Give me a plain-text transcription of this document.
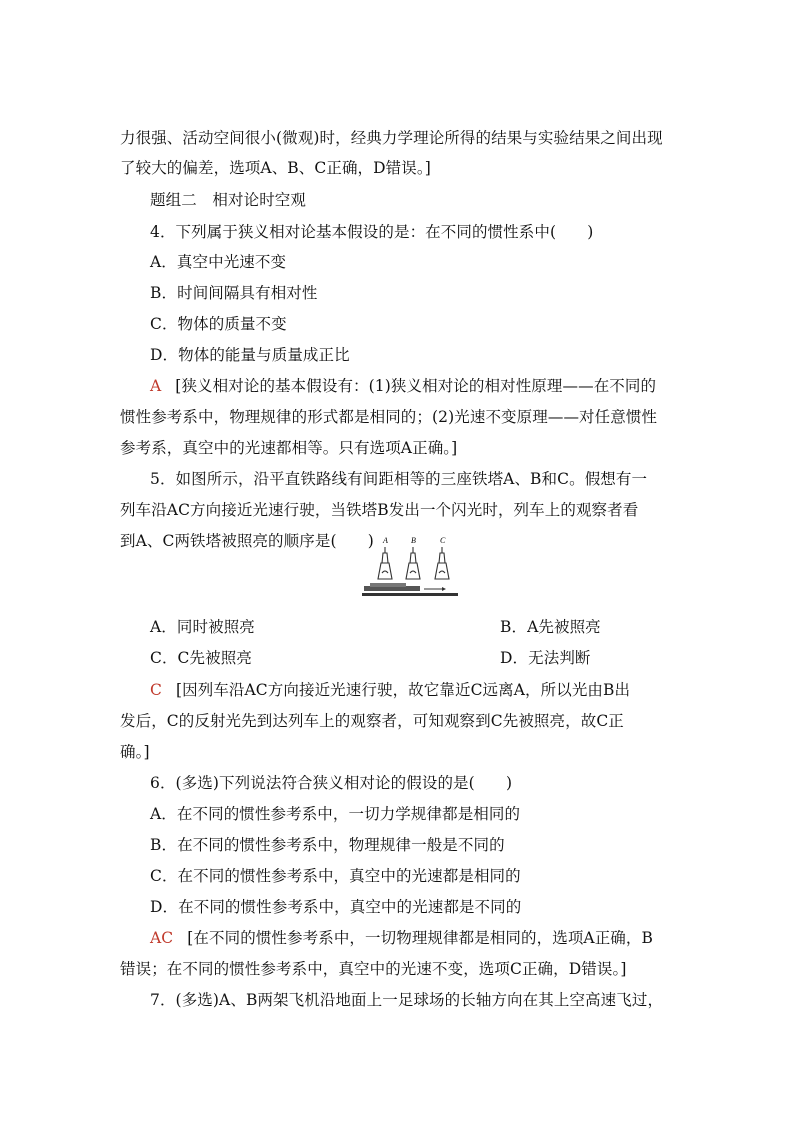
力很强、活动空间很小(微观)时，经典力学理论所得的结果与实验结果之间出现
了较大的偏差，选项A、B、C正确，D错误。]
题组二　相对论时空观
4．下列属于狭义相对论基本假设的是：在不同的惯性系中(　　)
A．真空中光速不变
B．时间间隔具有相对性
C．物体的质量不变
D．物体的能量与质量成正比
A [狭义相对论的基本假设有：(1)狭义相对论的相对性原理——在不同的
惯性参考系中，物理规律的形式都是相同的；(2)光速不变原理——对任意惯性
参考系，真空中的光速都相等。只有选项A正确。]
5．如图所示，沿平直铁路线有间距相等的三座铁塔A、B和C。假想有一
列车沿AC方向接近光速行驶，当铁塔B发出一个闪光时，列车上的观察者看
到A、C两铁塔被照亮的顺序是(　　)	A	B	C
A．同时被照亮	B．A先被照亮
C．C先被照亮	D．无法判断
C [因列车沿AC方向接近光速行驶，故它靠近C远离A，所以光由B出
发后，C的反射光先到达列车上的观察者，可知观察到C先被照亮，故C正
确。]
6．(多选)下列说法符合狭义相对论的假设的是(　　)
A．在不同的惯性参考系中，一切力学规律都是相同的
B．在不同的惯性参考系中，物理规律一般是不同的
C．在不同的惯性参考系中，真空中的光速都是相同的
D．在不同的惯性参考系中，真空中的光速都是不同的
AC [在不同的惯性参考系中，一切物理规律都是相同的，选项A正确，B
错误；在不同的惯性参考系中，真空中的光速不变，选项C正确，D错误。]
7．(多选)A、B两架飞机沿地面上一足球场的长轴方向在其上空高速飞过，
